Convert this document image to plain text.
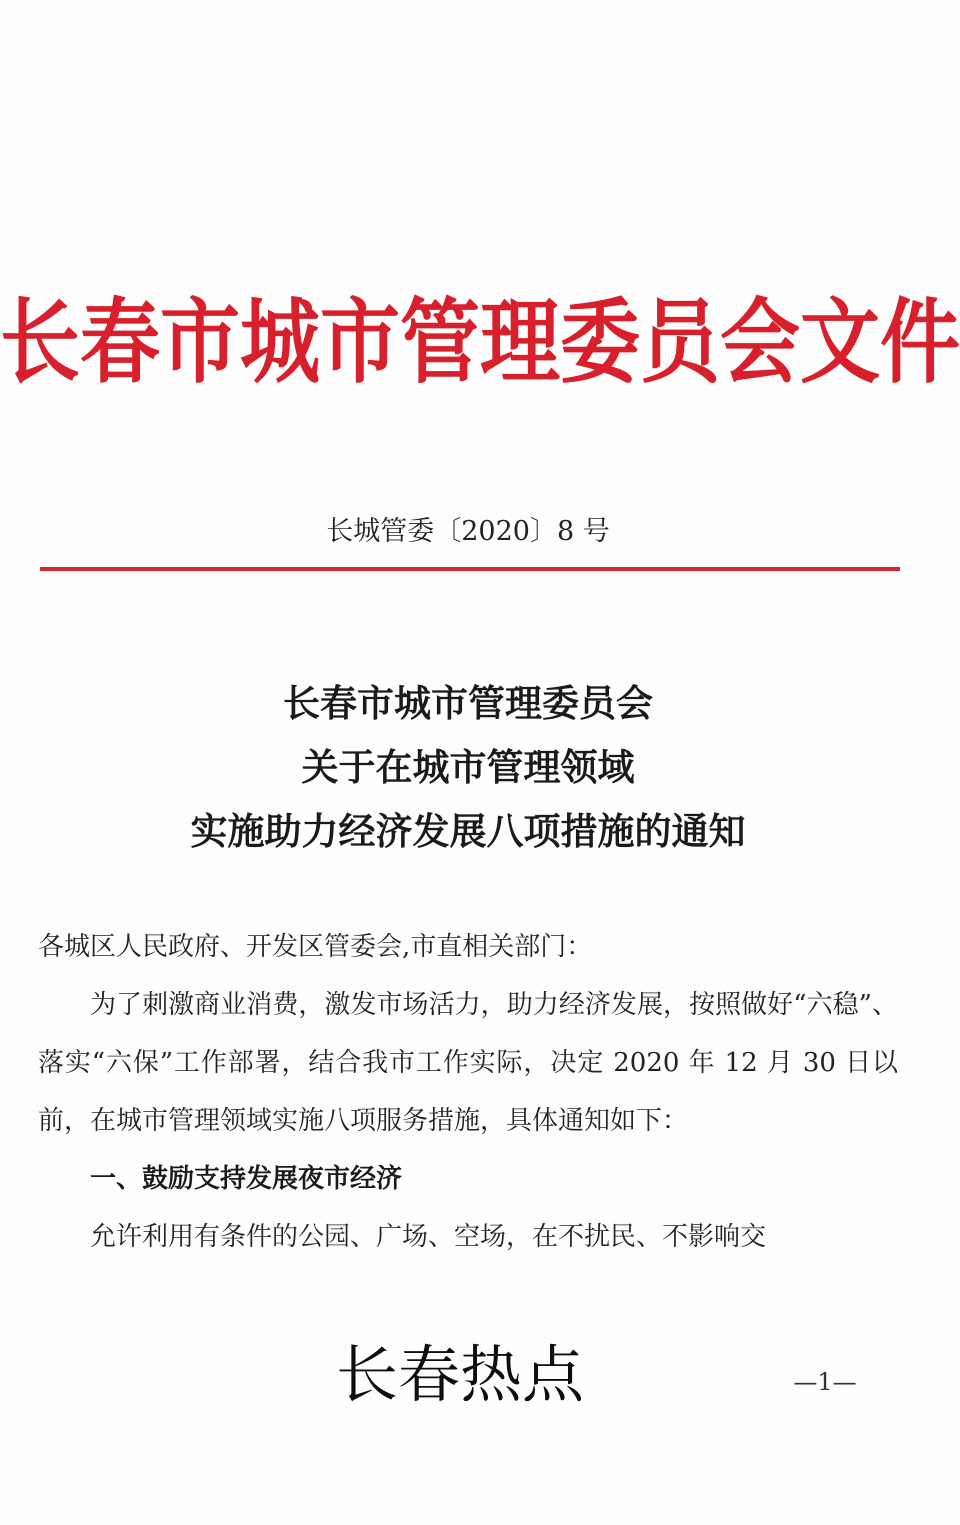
长春市城市管理委员会文件
长城管委〔2020〕8 号
长春市城市管理委员会
关于在城市管理领域
实施助力经济发展八项措施的通知

各城区人民政府、开发区管委会,市直相关部门：

为了刺激商业消费，激发市场活力，助力经济发展，按照做好“六稳”、落实“六保”工作部署，结合我市工作实际，决定 2020 年 12 月 30 日以前，在城市管理领域实施八项服务措施，具体通知如下：

一、鼓励支持发展夜市经济

允许利用有条件的公园、广场、空场，在不扰民、不影响交

长春热点	—1—
